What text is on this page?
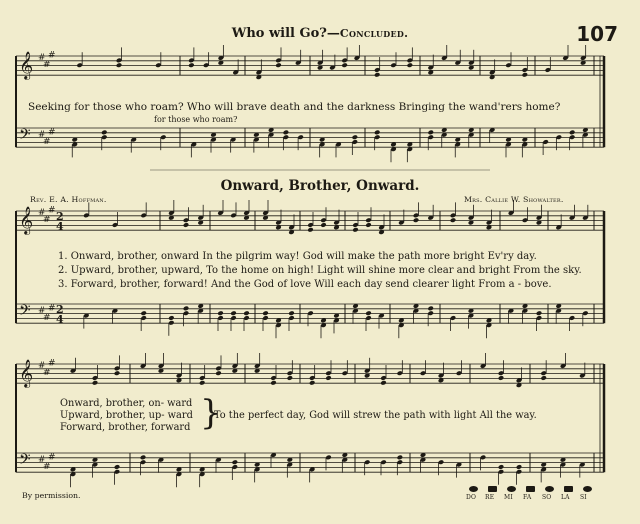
𝄞
𝄢
#
#
#
#
#
#
𝄞
𝄢
#
#
#
#
#
#
2
4
2
4
𝄞
𝄢
#
#
#
#
#
#
Who will Go?—Concluded.	107
Seeking for those who roam? Who will brave death and the darkness Bringing the wand'rers home?
for those who roam?
Onward, Brother, Onward.
Rev. E. A. Hoffman.	Mrs. Callie W. Showalter.
1. Onward, brother, onward In the pilgrim way! God will make the path more bright Ev'ry day.
2. Upward, brother, upward, To the home on high! Light will shine more clear and bright From the sky.
3. Forward, brother, forward! And the God of love Will each day send clearer light From a - bove.
Onward, brother, on- ward
Upward, brother, up- ward
Forward, brother, forward }
To the perfect day, God will strew the path with light All the way.
By permission.	DO RE MI FA SO LA SI
